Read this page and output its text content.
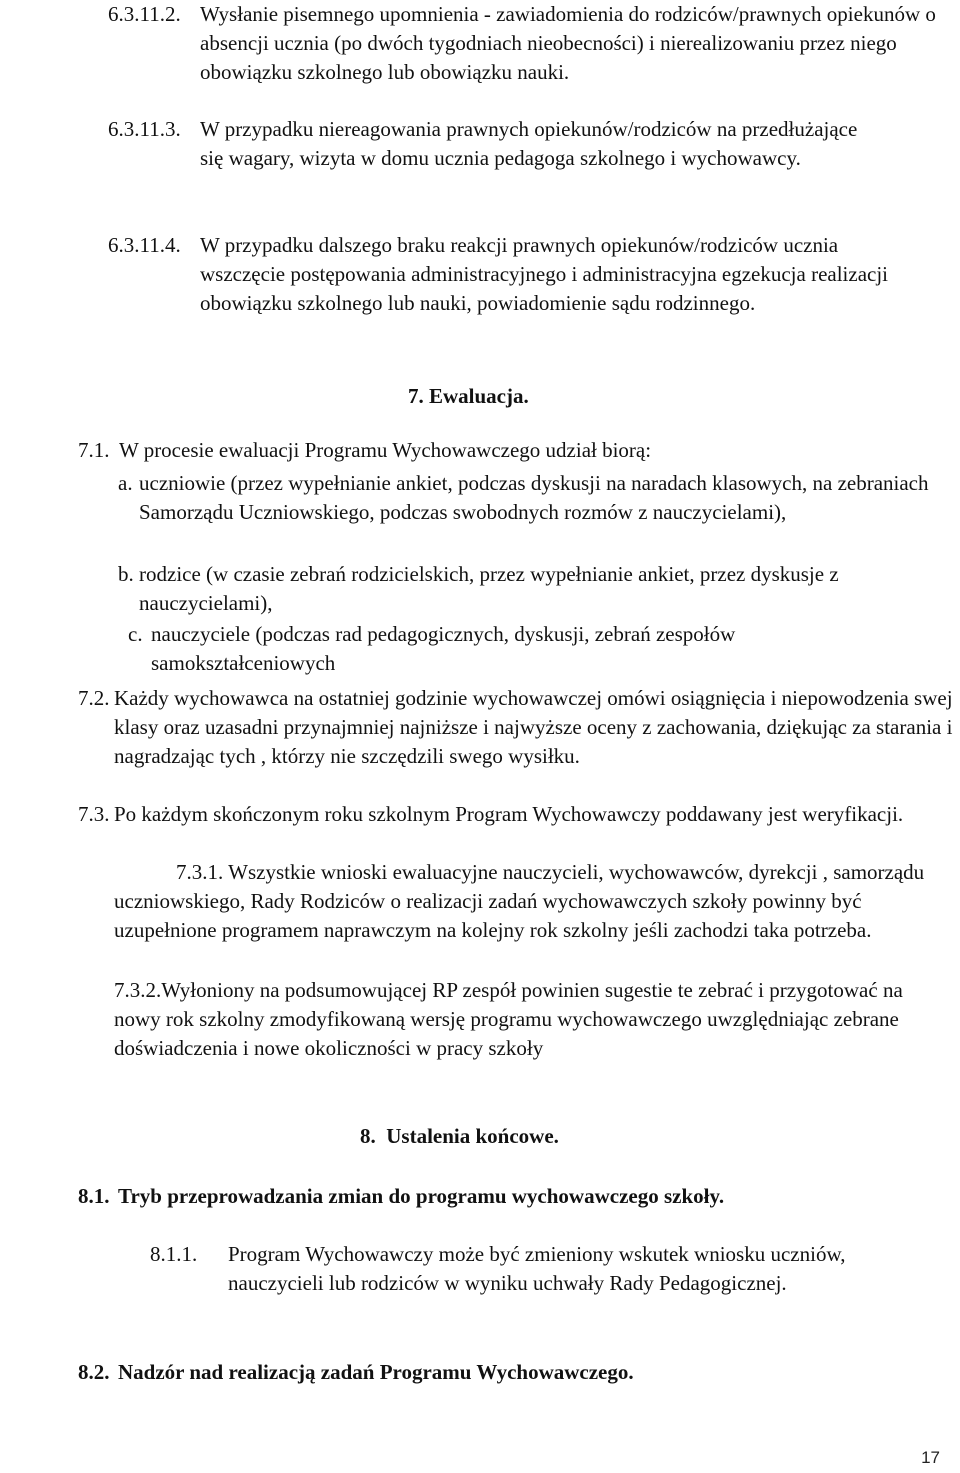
6.3.11.2. Wysłanie pisemnego upomnienia - zawiadomienia do rodziców/prawnych opiekunów o absencji ucznia (po dwóch tygodniach nieobecności) i nierealizowaniu przez niego obowiązku szkolnego lub obowiązku nauki.
6.3.11.3. W przypadku niereagowania prawnych opiekunów/rodziców na przedłużające się wagary, wizyta w domu ucznia pedagoga szkolnego i wychowawcy.
6.3.11.4. W przypadku dalszego braku reakcji prawnych opiekunów/rodziców ucznia wszczęcie postępowania administracyjnego i administracyjna egzekucja realizacji obowiązku szkolnego lub nauki, powiadomienie sądu rodzinnego.
7. Ewaluacja.
7.1. W procesie ewaluacji Programu Wychowawczego udział biorą:
a. uczniowie (przez wypełnianie ankiet, podczas dyskusji na naradach klasowych, na zebraniach Samorządu Uczniowskiego, podczas swobodnych rozmów z nauczycielami),
b. rodzice (w czasie zebrań rodzicielskich, przez wypełnianie ankiet, przez dyskusje z nauczycielami),
c. nauczyciele (podczas rad pedagogicznych, dyskusji, zebrań zespołów samokształceniowych
7.2. Każdy wychowawca na ostatniej godzinie wychowawczej omówi osiągnięcia i niepowodzenia swej klasy oraz uzasadni przynajmniej najniższe i najwyższe oceny z zachowania, dziękując za starania i nagradzając tych , którzy nie szczędzili swego wysiłku.
7.3. Po każdym skończonym roku szkolnym Program Wychowawczy poddawany jest weryfikacji.
7.3.1. Wszystkie wnioski ewaluacyjne nauczycieli, wychowawców, dyrekcji , samorządu uczniowskiego, Rady Rodziców o realizacji zadań wychowawczych szkoły powinny być uzupełnione programem naprawczym na kolejny rok szkolny jeśli zachodzi taka potrzeba.
7.3.2.Wyłoniony na podsumowującej RP zespół powinien sugestie te zebrać i przygotować na nowy rok szkolny zmodyfikowaną wersję programu wychowawczego uwzględniając zebrane doświadczenia i nowe okoliczności w pracy szkoły
8.  Ustalenia końcowe.
8.1. Tryb przeprowadzania zmian do programu wychowawczego szkoły.
8.1.1. Program Wychowawczy może być zmieniony wskutek wniosku uczniów, nauczycieli lub rodziców w wyniku uchwały Rady Pedagogicznej.
8.2. Nadzór nad realizacją zadań Programu Wychowawczego.
17
